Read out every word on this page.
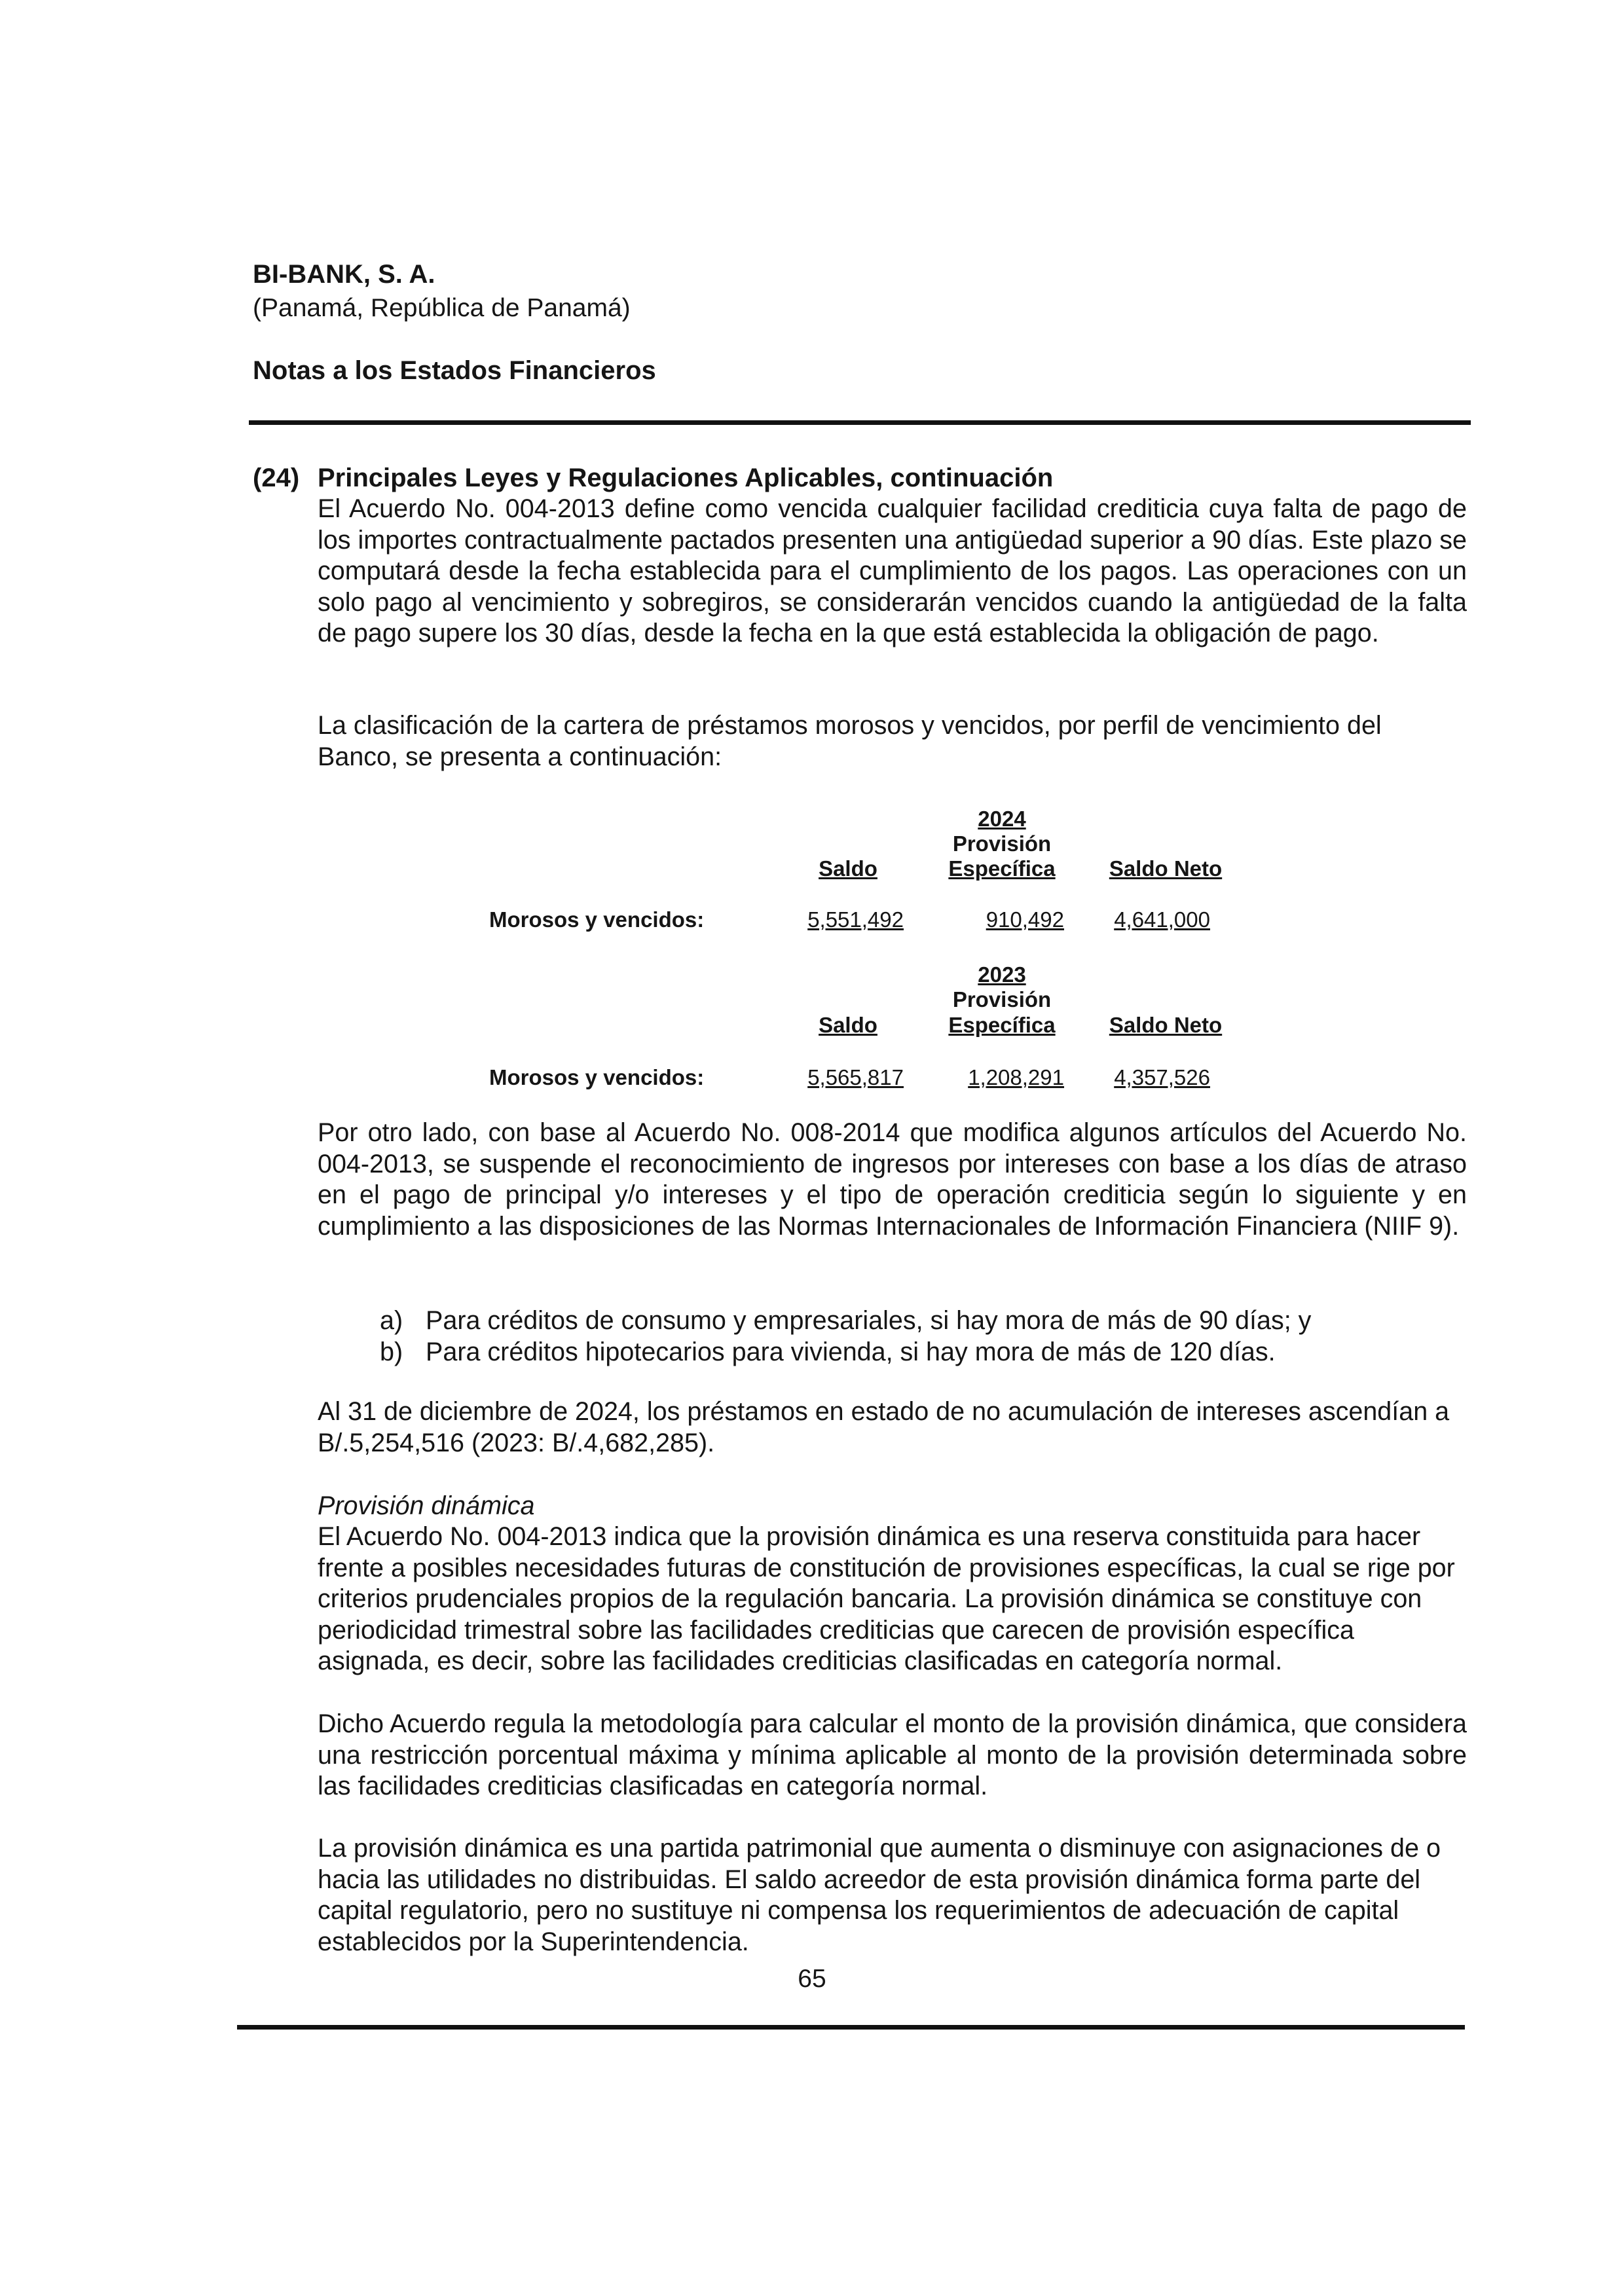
BI-BANK, S. A.
(Panamá, República de Panamá)
Notas a los Estados Financieros
(24) Principales Leyes y Regulaciones Aplicables, continuación
El Acuerdo No. 004-2013 define como vencida cualquier facilidad crediticia cuya falta de pago de los importes contractualmente pactados presenten una antigüedad superior a 90 días. Este plazo se computará desde la fecha establecida para el cumplimiento de los pagos. Las operaciones con un solo pago al vencimiento y sobregiros, se considerarán vencidos cuando la antigüedad de la falta de pago supere los 30 días, desde la fecha en la que está establecida la obligación de pago.
La clasificación de la cartera de préstamos morosos y vencidos, por perfil de vencimiento del Banco, se presenta a continuación:
2024
Provisión
Saldo	Específica	Saldo Neto
Morosos y vencidos:	5,551,492	910,492	4,641,000
2023
Provisión
Saldo	Específica	Saldo Neto
Morosos y vencidos:	5,565,817	1,208,291	4,357,526
Por otro lado, con base al Acuerdo No. 008-2014 que modifica algunos artículos del Acuerdo No. 004-2013, se suspende el reconocimiento de ingresos por intereses con base a los días de atraso en el pago de principal y/o intereses y el tipo de operación crediticia según lo siguiente y en cumplimiento a las disposiciones de las Normas Internacionales de Información Financiera (NIIF 9).
a) Para créditos de consumo y empresariales, si hay mora de más de 90 días; y
b) Para créditos hipotecarios para vivienda, si hay mora de más de 120 días.
Al 31 de diciembre de 2024, los préstamos en estado de no acumulación de intereses ascendían a B/.5,254,516 (2023: B/.4,682,285).
Provisión dinámica
El Acuerdo No. 004-2013 indica que la provisión dinámica es una reserva constituida para hacer frente a posibles necesidades futuras de constitución de provisiones específicas, la cual se rige por criterios prudenciales propios de la regulación bancaria. La provisión dinámica se constituye con periodicidad trimestral sobre las facilidades crediticias que carecen de provisión específica asignada, es decir, sobre las facilidades crediticias clasificadas en categoría normal.
Dicho Acuerdo regula la metodología para calcular el monto de la provisión dinámica, que considera una restricción porcentual máxima y mínima aplicable al monto de la provisión determinada sobre las facilidades crediticias clasificadas en categoría normal.
La provisión dinámica es una partida patrimonial que aumenta o disminuye con asignaciones de o hacia las utilidades no distribuidas. El saldo acreedor de esta provisión dinámica forma parte del capital regulatorio, pero no sustituye ni compensa los requerimientos de adecuación de capital establecidos por la Superintendencia.
65
